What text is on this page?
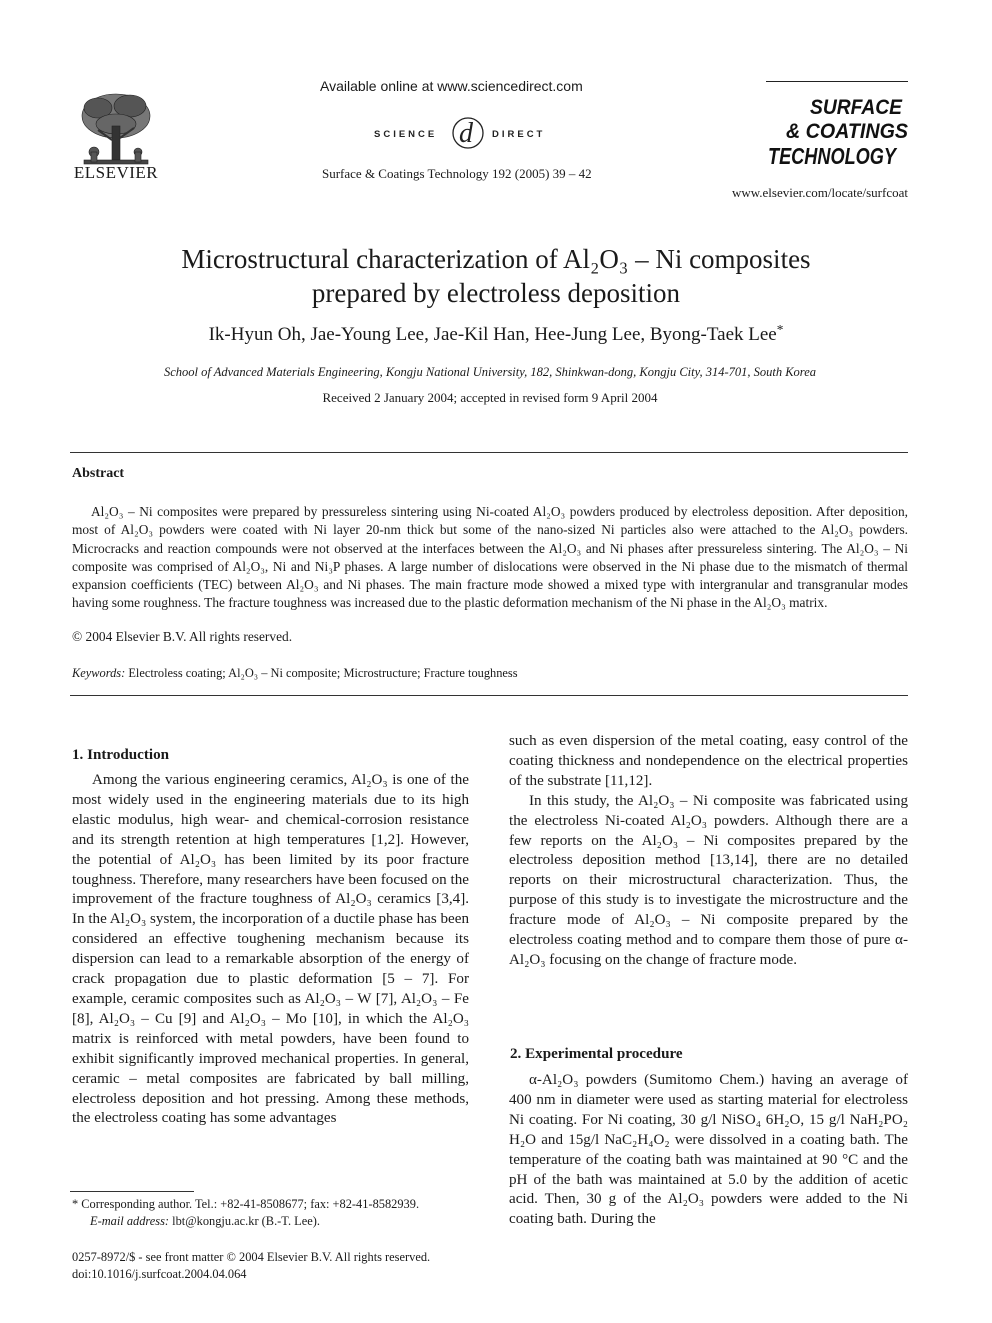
ELSEVIER
Available online at www.sciencedirect.com
SCIENCE d DIRECT
Surface & Coatings Technology 192 (2005) 39 – 42
SURFACE
& COATINGS
TECHNOLOGY
www.elsevier.com/locate/surfcoat
Microstructural characterization of Al₂O₃ – Ni composites
prepared by electroless deposition
Ik-Hyun Oh, Jae-Young Lee, Jae-Kil Han, Hee-Jung Lee, Byong-Taek Lee*
School of Advanced Materials Engineering, Kongju National University, 182, Shinkwan-dong, Kongju City, 314-701, South Korea
Received 2 January 2004; accepted in revised form 9 April 2004
Abstract
Al₂O₃ – Ni composites were prepared by pressureless sintering using Ni-coated Al₂O₃ powders produced by electroless deposition. After deposition, most of Al₂O₃ powders were coated with Ni layer 20-nm thick but some of the nano-sized Ni particles also were attached to the Al₂O₃ powders. Microcracks and reaction compounds were not observed at the interfaces between the Al₂O₃ and Ni phases after pressureless sintering. The Al₂O₃ – Ni composite was comprised of Al₂O₃, Ni and Ni₃P phases. A large number of dislocations were observed in the Ni phase due to the mismatch of thermal expansion coefficients (TEC) between Al₂O₃ and Ni phases. The main fracture mode showed a mixed type with intergranular and transgranular modes having some roughness. The fracture toughness was increased due to the plastic deformation mechanism of the Ni phase in the Al₂O₃ matrix.
© 2004 Elsevier B.V. All rights reserved.
Keywords: Electroless coating; Al₂O₃ – Ni composite; Microstructure; Fracture toughness
1. Introduction

Among the various engineering ceramics, Al₂O₃ is one of the most widely used in the engineering materials due to its high elastic modulus, high wear- and chemical-corrosion resistance and its strength retention at high temperatures [1,2]. However, the potential of Al₂O₃ has been limited by its poor fracture toughness. Therefore, many researchers have been focused on the improvement of the fracture toughness of Al₂O₃ ceramics [3,4]. In the Al₂O₃ system, the incorporation of a ductile phase has been considered an effective toughening mechanism because its dispersion can lead to a remarkable absorption of the energy of crack propagation due to plastic deformation [5 – 7]. For example, ceramic composites such as Al₂O₃ – W [7], Al₂O₃ – Fe [8], Al₂O₃ – Cu [9] and Al₂O₃ – Mo [10], in which the Al₂O₃ matrix is reinforced with metal powders, have been found to exhibit significantly improved mechanical properties. In general, ceramic – metal composites are fabricated by ball milling, electroless deposition and hot pressing. Among these methods, the electroless coating has some advantages

such as even dispersion of the metal coating, easy control of the coating thickness and nondependence on the electrical properties of the substrate [11,12].

In this study, the Al₂O₃ – Ni composite was fabricated using the electroless Ni-coated Al₂O₃ powders. Although there are a few reports on the Al₂O₃ – Ni composites prepared by the electroless deposition method [13,14], there are no detailed reports on their microstructural characterization. Thus, the purpose of this study is to investigate the microstructure and the fracture mode of Al₂O₃ – Ni composite prepared by the electroless coating method and to compare them those of pure α-Al₂O₃ focusing on the change of fracture mode.

2. Experimental procedure

α-Al₂O₃ powders (Sumitomo Chem.) having an average of 400 nm in diameter were used as starting material for electroless Ni coating. For Ni coating, 30 g/l NiSO₄ 6H₂O, 15 g/l NaH₂PO₂ H₂O and 15g/l NaC₂H₄O₂ were dissolved in a coating bath. The temperature of the coating bath was maintained at 90 °C and the pH of the bath was maintained at 5.0 by the addition of acetic acid. Then, 30 g of the Al₂O₃ powders were added to the Ni coating bath. During the

* Corresponding author. Tel.: +82-41-8508677; fax: +82-41-8582939.
E-mail address: lbt@kongju.ac.kr (B.-T. Lee).
0257-8972/$ - see front matter © 2004 Elsevier B.V. All rights reserved.
doi:10.1016/j.surfcoat.2004.04.064
